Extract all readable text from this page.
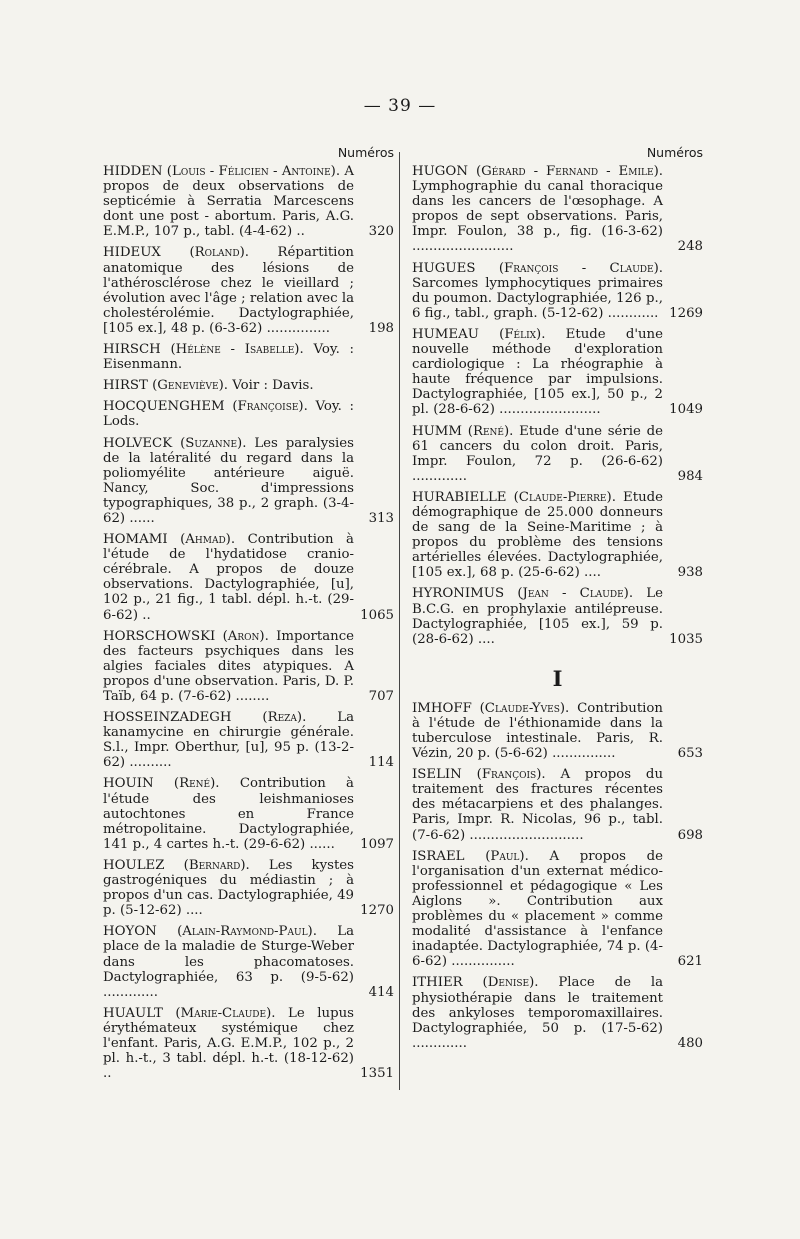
— 39 —
Numéros
HIDDEN (Louis - Félicien - Antoine). A propos de deux observations de septicémie à Serratia Marcescens dont une post - abortum. Paris, A.G. E.M.P., 107 p., tabl. (4-4-62) ..	320
HIDEUX (Roland). Répartition anatomique des lésions de l'athérosclérose chez le vieillard ; évolution avec l'âge ; relation avec la cholestérolémie. Dactylographiée, [105 ex.], 48 p. (6-3-62) ...............	198
HIRSCH (Hélène - Isabelle). Voy. : Eisenmann.
HIRST (Geneviève). Voir : Davis.
HOCQUENGHEM (Françoise). Voy. : Lods.
HOLVECK (Suzanne). Les paralysies de la latéralité du regard dans la poliomyélite antérieure aiguë. Nancy, Soc. d'impressions typographiques, 38 p., 2 graph. (3-4-62) ......	313
HOMAMI (Ahmad). Contribution à l'étude de l'hydatidose cranio-cérébrale. A propos de douze observations. Dactylographiée, [u], 102 p., 21 fig., 1 tabl. dépl. h.-t. (29-6-62) ..	1065
HORSCHOWSKI (Aron). Importance des facteurs psychiques dans les algies faciales dites atypiques. A propos d'une observation. Paris, D. P. Taïb, 64 p. (7-6-62) ........	707
HOSSEINZADEGH (Reza). La kanamycine en chirurgie générale. S.l., Impr. Oberthur, [u], 95 p. (13-2-62) ..........	114
HOUIN (René). Contribution à l'étude des leishmanioses autochtones en France métropolitaine. Dactylographiée, 141 p., 4 cartes h.-t. (29-6-62) ......	1097
HOULEZ (Bernard). Les kystes gastrogéniques du médiastin ; à propos d'un cas. Dactylographiée, 49 p. (5-12-62) ....	1270
HOYON (Alain-Raymond-Paul). La place de la maladie de Sturge-Weber dans les phacomatoses. Dactylographiée, 63 p. (9-5-62) .............	414
HUAULT (Marie-Claude). Le lupus érythémateux systémique chez l'enfant. Paris, A.G. E.M.P., 102 p., 2 pl. h.-t., 3 tabl. dépl. h.-t. (18-12-62) ..	1351
Numéros
HUGON (Gérard - Fernand - Emile). Lymphographie du canal thoracique dans les cancers de l'œsophage. A propos de sept observations. Paris, Impr. Foulon, 38 p., fig. (16-3-62) ........................	248
HUGUES (François - Claude). Sarcomes lymphocytiques primaires du poumon. Dactylographiée, 126 p., 6 fig., tabl., graph. (5-12-62) ............ 1269
HUMEAU (Félix). Etude d'une nouvelle méthode d'exploration cardiologique : La rhéographie à haute fréquence par impulsions. Dactylographiée, [105 ex.], 50 p., 2 pl. (28-6-62) ........................	1049
HUMM (René). Etude d'une série de 61 cancers du colon droit. Paris, Impr. Foulon, 72 p. (26-6-62) .............	984
HURABIELLE (Claude-Pierre). Etude démographique de 25.000 donneurs de sang de la Seine-Maritime ; à propos du problème des tensions artérielles élevées. Dactylographiée, [105 ex.], 68 p. (25-6-62) ....	938
HYRONIMUS (Jean - Claude). Le B.C.G. en prophylaxie antilépreuse. Dactylographiée, [105 ex.], 59 p. (28-6-62) ....	1035
I
IMHOFF (Claude-Yves). Contribution à l'étude de l'éthionamide dans la tuberculose intestinale. Paris, R. Vézin, 20 p. (5-6-62) ...............	653
ISELIN (François). A propos du traitement des fractures récentes des métacarpiens et des phalanges. Paris, Impr. R. Nicolas, 96 p., tabl. (7-6-62) ...........................	698
ISRAEL (Paul). A propos de l'organisation d'un externat médico-professionnel et pédagogique « Les Aiglons ». Contribution aux problèmes du « placement » comme modalité d'assistance à l'enfance inadaptée. Dactylographiée, 74 p. (4-6-62) ...............	621
ITHIER (Denise). Place de la physiothérapie dans le traitement des ankyloses temporomaxillaires. Dactylographiée, 50 p. (17-5-62) .............	480
